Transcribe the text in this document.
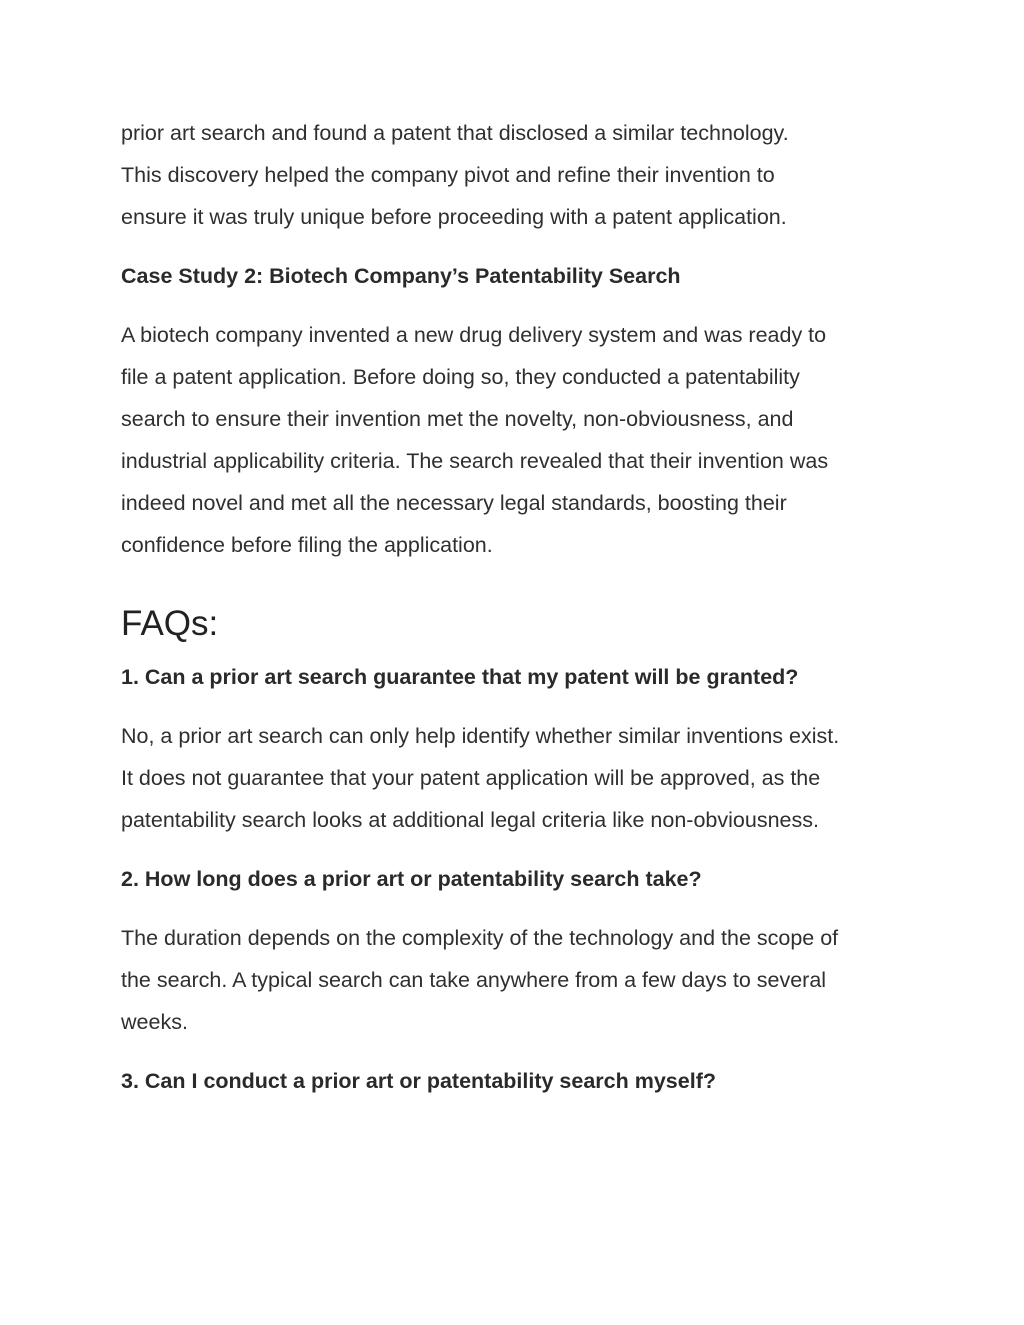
prior art search and found a patent that disclosed a similar technology.
This discovery helped the company pivot and refine their invention to
ensure it was truly unique before proceeding with a patent application.

Case Study 2: Biotech Company’s Patentability Search

A biotech company invented a new drug delivery system and was ready to
file a patent application. Before doing so, they conducted a patentability
search to ensure their invention met the novelty, non-obviousness, and
industrial applicability criteria. The search revealed that their invention was
indeed novel and met all the necessary legal standards, boosting their
confidence before filing the application.

FAQs:
1. Can a prior art search guarantee that my patent will be granted?

No, a prior art search can only help identify whether similar inventions exist.
It does not guarantee that your patent application will be approved, as the
patentability search looks at additional legal criteria like non-obviousness.

2. How long does a prior art or patentability search take?

The duration depends on the complexity of the technology and the scope of
the search. A typical search can take anywhere from a few days to several
weeks.

3. Can I conduct a prior art or patentability search myself?
